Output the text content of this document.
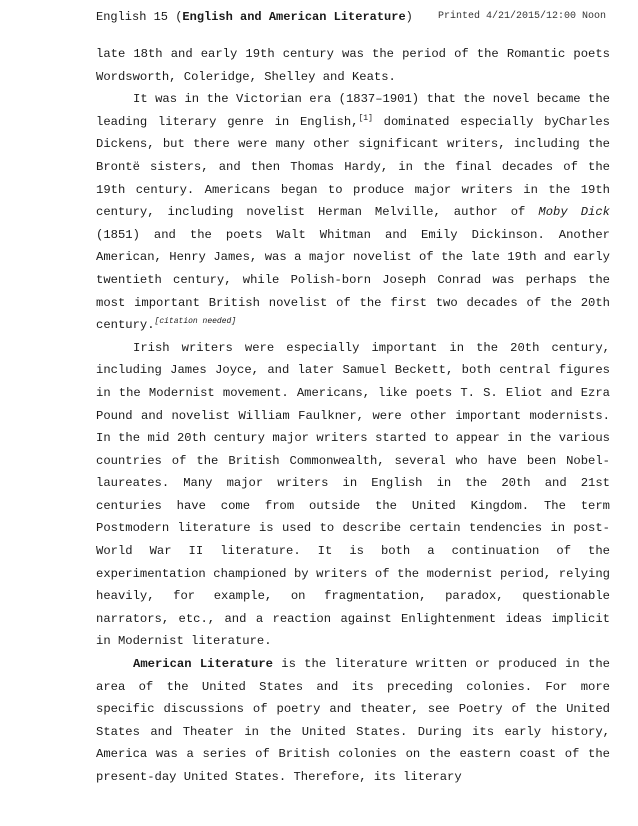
English 15 (English and American Literature)	Printed 4/21/2015/12:00 Noon

late 18th and early 19th century was the period of the Romantic poets Wordsworth, Coleridge, Shelley and Keats.

It was in the Victorian era (1837–1901) that the novel became the leading literary genre in English,[1] dominated especially byCharles Dickens, but there were many other significant writers, including the Brontë sisters, and then Thomas Hardy, in the final decades of the 19th century. Americans began to produce major writers in the 19th century, including novelist Herman Melville, author of Moby Dick (1851) and the poets Walt Whitman and Emily Dickinson. Another American, Henry James, was a major novelist of the late 19th and early twentieth century, while Polish-born Joseph Conrad was perhaps the most important British novelist of the first two decades of the 20th century.[citation needed]

Irish writers were especially important in the 20th century, including James Joyce, and later Samuel Beckett, both central figures in the Modernist movement. Americans, like poets T. S. Eliot and Ezra Pound and novelist William Faulkner, were other important modernists. In the mid 20th century major writers started to appear in the various countries of the British Commonwealth, several who have been Nobel-laureates. Many major writers in English in the 20th and 21st centuries have come from outside the United Kingdom. The term Postmodern literature is used to describe certain tendencies in post-World War II literature. It is both a continuation of the experimentation championed by writers of the modernist period, relying heavily, for example, on fragmentation, paradox, questionable narrators, etc., and a reaction against Enlightenment ideas implicit in Modernist literature.

American Literature is the literature written or produced in the area of the United States and its preceding colonies. For more specific discussions of poetry and theater, see Poetry of the United States and Theater in the United States. During its early history, America was a series of British colonies on the eastern coast of the present-day United States. Therefore, its literary
